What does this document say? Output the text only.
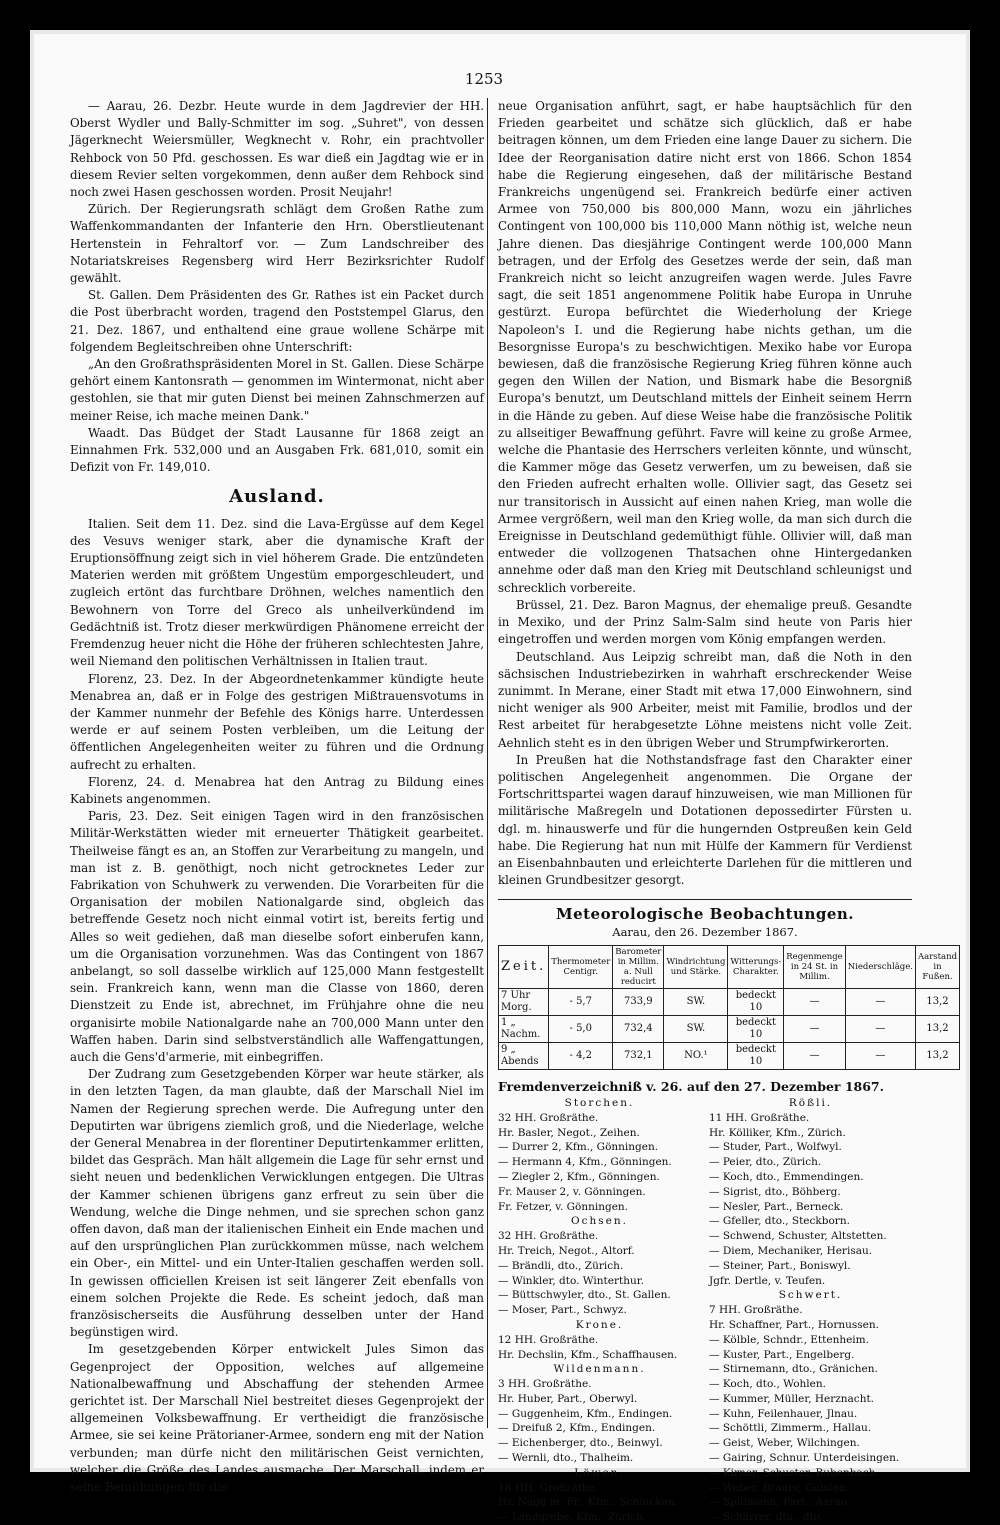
1253

— Aarau, 26. Dezbr. Heute wurde in dem Jagdrevier der HH. Oberst Wydler und Bally-Schmitter im sog. „Suhret", von dessen Jägerknecht Weiersmüller, Wegknecht v. Rohr, ein prachtvoller Rehbock von 50 Pfd. geschossen. Es war dieß ein Jagdtag wie er in diesem Revier selten vorgekommen, denn außer dem Rehbock sind noch zwei Hasen geschossen worden. Prosit Neujahr!

Zürich. Der Regierungsrath schlägt dem Großen Rathe zum Waffenkommandanten der Infanterie den Hrn. Oberstlieutenant Hertenstein in Fehraltorf vor. — Zum Landschreiber des Notariatskreises Regensberg wird Herr Bezirksrichter Rudolf gewählt.

St. Gallen. Dem Präsidenten des Gr. Rathes ist ein Packet durch die Post überbracht worden, tragend den Poststempel Glarus, den 21. Dez. 1867, und enthaltend eine graue wollene Schärpe mit folgendem Begleitschreiben ohne Unterschrift:

„An den Großrathspräsidenten Morel in St. Gallen. Diese Schärpe gehört einem Kantonsrath — genommen im Wintermonat, nicht aber gestohlen, sie that mir guten Dienst bei meinen Zahnschmerzen auf meiner Reise, ich mache meinen Dank."

Waadt. Das Büdget der Stadt Lausanne für 1868 zeigt an Einnahmen Frk. 532,000 und an Ausgaben Frk. 681,010, somit ein Defizit von Fr. 149,010.

Ausland.

Italien. Seit dem 11. Dez. sind die Lava-Ergüsse auf dem Kegel des Vesuvs weniger stark, aber die dynamische Kraft der Eruptionsöffnung zeigt sich in viel höherem Grade. Die entzündeten Materien werden mit größtem Ungestüm emporgeschleudert, und zugleich ertönt das furchtbare Dröhnen, welches namentlich den Bewohnern von Torre del Greco als unheilverkündend im Gedächtniß ist. Trotz dieser merkwürdigen Phänomene erreicht der Fremdenzug heuer nicht die Höhe der früheren schlechtesten Jahre, weil Niemand den politischen Verhältnissen in Italien traut.

Florenz, 23. Dez. In der Abgeordnetenkammer kündigte heute Menabrea an, daß er in Folge des gestrigen Mißtrauensvotums in der Kammer nunmehr der Befehle des Königs harre. Unterdessen werde er auf seinem Posten verbleiben, um die Leitung der öffentlichen Angelegenheiten weiter zu führen und die Ordnung aufrecht zu erhalten.

Florenz, 24. d. Menabrea hat den Antrag zu Bildung eines Kabinets angenommen.

Paris, 23. Dez. Seit einigen Tagen wird in den französischen Militär-Werkstätten wieder mit erneuerter Thätigkeit gearbeitet. Theilweise fängt es an, an Stoffen zur Verarbeitung zu mangeln, und man ist z. B. genöthigt, noch nicht getrocknetes Leder zur Fabrikation von Schuhwerk zu verwenden. Die Vorarbeiten für die Organisation der mobilen Nationalgarde sind, obgleich das betreffende Gesetz noch nicht einmal votirt ist, bereits fertig und Alles so weit gediehen, daß man dieselbe sofort einberufen kann, um die Organisation vorzunehmen. Was das Contingent von 1867 anbelangt, so soll dasselbe wirklich auf 125,000 Mann festgestellt sein. Frankreich kann, wenn man die Classe von 1860, deren Dienstzeit zu Ende ist, abrechnet, im Frühjahre ohne die neu organisirte mobile Nationalgarde nahe an 700,000 Mann unter den Waffen haben. Darin sind selbstverständlich alle Waffengattungen, auch die Gens'd'armerie, mit einbegriffen.

Der Zudrang zum Gesetzgebenden Körper war heute stärker, als in den letzten Tagen, da man glaubte, daß der Marschall Niel im Namen der Regierung sprechen werde. Die Aufregung unter den Deputirten war übrigens ziemlich groß, und die Niederlage, welche der General Menabrea in der florentiner Deputirtenkammer erlitten, bildet das Gespräch. Man hält allgemein die Lage für sehr ernst und sieht neuen und bedenklichen Verwicklungen entgegen. Die Ultras der Kammer schienen übrigens ganz erfreut zu sein über die Wendung, welche die Dinge nehmen, und sie sprechen schon ganz offen davon, daß man der italienischen Einheit ein Ende machen und auf den ursprünglichen Plan zurückkommen müsse, nach welchem ein Ober-, ein Mittel- und ein Unter-Italien geschaffen werden soll. In gewissen officiellen Kreisen ist seit längerer Zeit ebenfalls von einem solchen Projekte die Rede. Es scheint jedoch, daß man französischerseits die Ausführung desselben unter der Hand begünstigen wird.

Im gesetzgebenden Körper entwickelt Jules Simon das Gegenproject der Opposition, welches auf allgemeine Nationalbewaffnung und Abschaffung der stehenden Armee gerichtet ist. Der Marschall Niel bestreitet dieses Gegenprojekt der allgemeinen Volksbewaffnung. Er vertheidigt die französische Armee, sie sei keine Prätorianer-Armee, sondern eng mit der Nation verbunden; man dürfe nicht den militärischen Geist vernichten, welcher die Größe des Landes ausmache. Der Marschall, indem er seine Bemühungen für die

neue Organisation anführt, sagt, er habe hauptsächlich für den Frieden gearbeitet und schätze sich glücklich, daß er habe beitragen können, um dem Frieden eine lange Dauer zu sichern. Die Idee der Reorganisation datire nicht erst von 1866. Schon 1854 habe die Regierung eingesehen, daß der militärische Bestand Frankreichs ungenügend sei. Frankreich bedürfe einer activen Armee von 750,000 bis 800,000 Mann, wozu ein jährliches Contingent von 100,000 bis 110,000 Mann nöthig ist, welche neun Jahre dienen. Das diesjährige Contingent werde 100,000 Mann betragen, und der Erfolg des Gesetzes werde der sein, daß man Frankreich nicht so leicht anzugreifen wagen werde. Jules Favre sagt, die seit 1851 angenommene Politik habe Europa in Unruhe gestürzt. Europa befürchtet die Wiederholung der Kriege Napoleon's I. und die Regierung habe nichts gethan, um die Besorgnisse Europa's zu beschwichtigen. Mexiko habe vor Europa bewiesen, daß die französische Regierung Krieg führen könne auch gegen den Willen der Nation, und Bismark habe die Besorgniß Europa's benutzt, um Deutschland mittels der Einheit seinem Herrn in die Hände zu geben. Auf diese Weise habe die französische Politik zu allseitiger Bewaffnung geführt. Favre will keine zu große Armee, welche die Phantasie des Herrschers verleiten könnte, und wünscht, die Kammer möge das Gesetz verwerfen, um zu beweisen, daß sie den Frieden aufrecht erhalten wolle. Ollivier sagt, das Gesetz sei nur transitorisch in Aussicht auf einen nahen Krieg, man wolle die Armee vergrößern, weil man den Krieg wolle, da man sich durch die Ereignisse in Deutschland gedemüthigt fühle. Ollivier will, daß man entweder die vollzogenen Thatsachen ohne Hintergedanken annehme oder daß man den Krieg mit Deutschland schleunigst und schrecklich vorbereite.

Brüssel, 21. Dez. Baron Magnus, der ehemalige preuß. Gesandte in Mexiko, und der Prinz Salm-Salm sind heute von Paris hier eingetroffen und werden morgen vom König empfangen werden.

Deutschland. Aus Leipzig schreibt man, daß die Noth in den sächsischen Industriebezirken in wahrhaft erschreckender Weise zunimmt. In Merane, einer Stadt mit etwa 17,000 Einwohnern, sind nicht weniger als 900 Arbeiter, meist mit Familie, brodlos und der Rest arbeitet für herabgesetzte Löhne meistens nicht volle Zeit. Aehnlich steht es in den übrigen Weber und Strumpfwirkerorten.

In Preußen hat die Nothstandsfrage fast den Charakter einer politischen Angelegenheit angenommen. Die Organe der Fortschrittspartei wagen darauf hinzuweisen, wie man Millionen für militärische Maßregeln und Dotationen depossedirter Fürsten u. dgl. m. hinauswerfe und für die hungernden Ostpreußen kein Geld habe. Die Regierung hat nun mit Hülfe der Kammern für Verdienst an Eisenbahnbauten und erleichterte Darlehen für die mittleren und kleinen Grundbesitzer gesorgt.

Meteorologische Beobachtungen.
Aarau, den 26. Dezember 1867.
Zeit.	Thermometer Centigr.	Barometer in Millim. a. Null reducirt	Windrichtung und Stärke.	Witterungs-Charakter.	Regenmenge in 24 St. in Millim.	Niederschläge.	Aarstand in Fußen.
7 Uhr Morg.	- 5,7	733,9	SW.	bedeckt 10	—	—	13,2
1 „ Nachm.	- 5,0	732,4	SW.	bedeckt 10	—	—	13,2
9 „ Abends	- 4,2	732,1	NO.¹	bedeckt 10	—	—	13,2
Fremdenverzeichniß v. 26. auf den 27. Dezember 1867.
Storchen.
32 HH. Großräthe.
Hr. Basler, Negot., Zeihen.
— Durrer 2, Kfm., Gönningen.
— Hermann 4, Kfm., Gönningen.
— Ziegler 2, Kfm., Gönningen.
Fr. Mauser 2, v. Gönningen.
Fr. Fetzer, v. Gönningen.
Ochsen.
32 HH. Großräthe.
Hr. Treich, Negot., Altorf.
— Brändli, dto., Zürich.
— Winkler, dto. Winterthur.
— Büttschwyler, dto., St. Gallen.
— Moser, Part., Schwyz.
Krone.
12 HH. Großräthe.
Hr. Dechslin, Kfm., Schaffhausen.
Wildenmann.
3 HH. Großräthe.
Hr. Huber, Part., Oberwyl.
— Guggenheim, Kfm., Endingen.
— Dreifuß 2, Kfm., Endingen.
— Eichenberger, dto., Beinwyl.
— Wernli, dto., Thalheim.
Löwen.
18 HH. Großräthe.
Hr. Nagg m. Fr., Kfm., Schlucken.
— Landgrebe, Kfm., Zürich.
Rößli.
11 HH. Großräthe.
Hr. Kölliker, Kfm., Zürich.
— Studer, Part., Wolfwyl.
— Peier, dto., Zürich.
— Koch, dto., Emmendingen.
— Sigrist, dto., Böhberg.
— Nesler, Part., Berneck.
— Gfeller, dto., Steckborn.
— Schwend, Schuster, Altstetten.
— Diem, Mechaniker, Herisau.
— Steiner, Part., Boniswyl.
Jgfr. Dertle, v. Teufen.
Schwert.
7 HH. Großräthe.
Hr. Schaffner, Part., Hornussen.
— Kölble, Schndr., Ettenheim.
— Kuster, Part., Engelberg.
— Stirnemann, dto., Gränichen.
— Koch, dto., Wohlen.
— Kummer, Müller, Herznacht.
— Kuhn, Feilenhauer, Jlnau.
— Schöttli, Zimmerm., Hallau.
— Geist, Weber, Wilchingen.
— Gairing, Schnur. Unterdeisingen.
— Kirner, Schuster, Bubenbach.
— Weber, Brauer, Golaten.
— Spillmann, Part., Aarau.
— Schärrer, dto., dto.
